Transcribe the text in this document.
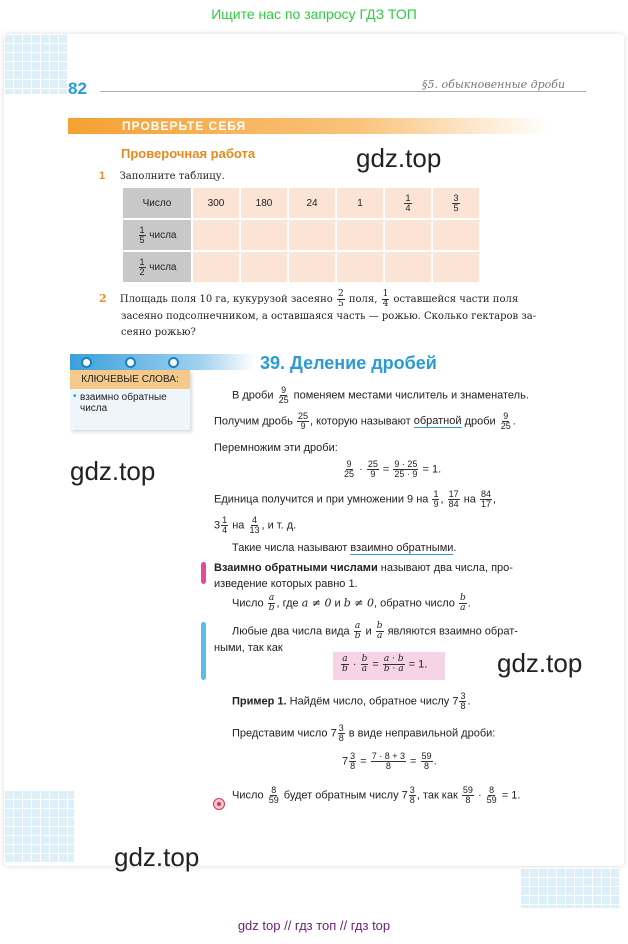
Ищите нас по запросу ГДЗ ТОП
82	§5. обыкновенные дроби
ПРОВЕРЬТЕ СЕБЯ
Проверочная работа	gdz.top
1 Заполните таблицу.
Число	300	180	24	1	$\frac{1}{4}$	$\frac{3}{5}$

$\frac{1}{5}$ числа						

$\frac{1}{2}$ числа						
2 Площадь поля 10 га, кукурузой засеяно $\frac{2}{5}$ поля, $\frac{1}{4}$ оставшейся части поля
засеяно подсолнечником, а оставшаяся часть — рожью. Сколько гектаров за-
сеяно рожью?
КЛЮЧЕВЫЕ СЛОВА:
• взаимно обратные
числа
39. Деление дробей
gdz.top
В дроби $\frac{9}{25}$ поменяем местами числитель и знаменатель.
Получим дробь $\frac{25}{9}$ , которую называют обратной дроби $\frac{9}{25}$ .
Перемножим эти дроби:
$\frac{9}{25} \cdot \frac{25}{9} = \frac{9 \cdot 25}{25 \cdot 9} = 1$.
Единица получится и при умножении 9 на $\frac{1}{9}$ , $\frac{17}{84}$ на $\frac{84}{17}$ ,
$3 \frac{1}{4}$ на $\frac{4}{13}$ , и т. д.
Такие числа называют взаимно обратными.
Взаимно обратными числами называют два числа, про-
изведение которых равно 1.
Число $\frac{a}{b}$ , где a ≠ 0 и b ≠ 0, обратно число $\frac{b}{a}$ .
Любые два числа вида $\frac{a}{b}$ и $\frac{b}{a}$ являются взаимно обрат-
ными, так как
$\frac{a}{b} \cdot \frac{b}{a} = \frac{a \cdot b}{b \cdot a} = 1$.	gdz.top
Пример 1. Найдём число, обратное числу $7 \frac{3}{8}$ .
Представим число $7 \frac{3}{8}$ в виде неправильной дроби:
$7 \frac{3}{8} = \frac{7 \cdot 8 + 3}{8} = \frac{59}{8}$ .
Число $\frac{8}{59}$ будет обратным числу $7 \frac{3}{8}$ , так как $\frac{59}{8} \cdot \frac{8}{59} = 1$.
gdz.top
gdz top // гдз топ // гдз top
